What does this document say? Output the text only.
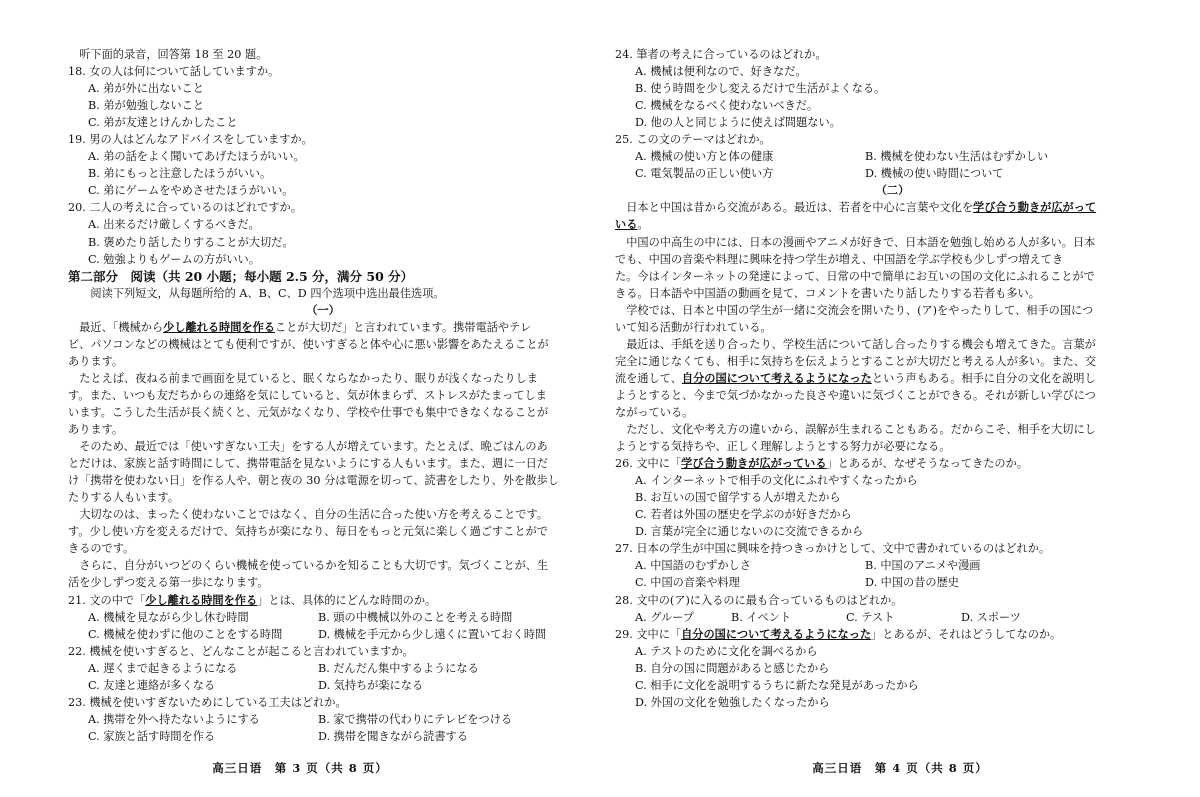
　听下面的录音，回答第 18 至 20 题。
18. 女の人は何について話していますか。
A. 弟が外に出ないこと
B. 弟が勉強しないこと
C. 弟が友達とけんかしたこと
19. 男の人はどんなアドバイスをしていますか。
A. 弟の話をよく聞いてあげたほうがいい。
B. 弟にもっと注意したほうがいい。
C. 弟にゲームをやめさせたほうがいい。
20. 二人の考えに合っているのはどれですか。
A. 出来るだけ厳しくするべきだ。
B. 褒めたり話したりすることが大切だ。
C. 勉強よりもゲームの方がいい。
第二部分　阅读（共 20 小题；每小题 2.5 分，满分 50 分）
　　阅读下列短文，从每题所给的 A、B、C、D 四个选项中选出最佳选项。
（一）
　最近、「機械から少し離れる時間を作ることが大切だ」と言われています。携帯電話やテレ
ビ、パソコンなどの機械はとても便利ですが、使いすぎると体や心に悪い影響をあたえることが
あります。
　たとえば、夜ねる前まで画面を見ていると、眠くならなかったり、眠りが浅くなったりしま
す。また、いつも友だちからの連絡を気にしていると、気が休まらず、ストレスがたまってしま
います。こうした生活が長く続くと、元気がなくなり、学校や仕事でも集中できなくなることが
あります。
　そのため、最近では「使いすぎない工夫」をする人が増えています。たとえば、晩ごはんのあ
とだけは、家族と話す時間にして、携帯電話を見ないようにする人もいます。また、週に一日だ
け「携帯を使わない日」を作る人や、朝と夜の 30 分は電源を切って、読書をしたり、外を散歩し
たりする人もいます。
　大切なのは、まったく使わないことではなく、自分の生活に合った使い方を考えることです。
す。少し使い方を変えるだけで、気持ちが楽になり、毎日をもっと元気に楽しく過ごすことがで
きるのです。
　さらに、自分がいつどのくらい機械を使っているかを知ることも大切です。気づくことが、生
活を少しずつ変える第一歩になります。
21. 文の中で「少し離れる時間を作る」とは、具体的にどんな時間のか。
A. 機械を見ながら少し休む時間	B. 頭の中機械以外のことを考える時間
C. 機械を使わずに他のことをする時間	D. 機械を手元から少し遠くに置いておく時間
22. 機械を使いすぎると、どんなことが起こると言われていますか。
A. 遅くまで起きるようになる	B. だんだん集中するようになる
C. 友達と連絡が多くなる	D. 気持ちが楽になる
23. 機械を使いすぎないためにしている工夫はどれか。
A. 携帯を外へ持たないようにする	B. 家で携帯の代わりにテレビをつける
C. 家族と話す時間を作る	D. 携帯を聞きながら読書する
高三日语　第 3 页（共 8 页）
24. 筆者の考えに合っているのはどれか。
A. 機械は便利なので、好きなだ。
B. 使う時間を少し変えるだけで生活がよくなる。
C. 機械をなるべく使わないべきだ。
D. 他の人と同じように使えば問題ない。
25. この文のテーマはどれか。
A. 機械の使い方と体の健康	B. 機械を使わない生活はむずかしい
C. 電気製品の正しい使い方	D. 機械の使い時間について
（二）
　日本と中国は昔から交流がある。最近は、若者を中心に言葉や文化を学び合う動きが広がって
いる。
　中国の中高生の中には、日本の漫画やアニメが好きで、日本語を勉強し始める人が多い。日本
でも、中国の音楽や料理に興味を持つ学生が増え、中国語を学ぶ学校も少しずつ増えてき
た。今はインターネットの発達によって、日常の中で簡単にお互いの国の文化にふれることがで
きる。日本語や中国語の動画を見て、コメントを書いたり話したりする若者も多い。
　学校では、日本と中国の学生が一緒に交流会を開いたり、(ア)をやったりして、相手の国につ
いて知る活動が行われている。
　最近は、手紙を送り合ったり、学校生活について話し合ったりする機会も増えてきた。言葉が
完全に通じなくても、相手に気持ちを伝えようとすることが大切だと考える人が多い。また、交
流を通して、自分の国について考えるようになったという声もある。相手に自分の文化を説明し
ようとすると、今まで気づかなかった良さや違いに気づくことができる。それが新しい学びにつ
ながっている。
　ただし、文化や考え方の違いから、誤解が生まれることもある。だからこそ、相手を大切にし
ようとする気持ちや、正しく理解しようとする努力が必要になる。
26. 文中に「学び合う動きが広がっている」とあるが、なぜそうなってきたのか。
A. インターネットで相手の文化にふれやすくなったから
B. お互いの国で留学する人が増えたから
C. 若者は外国の歴史を学ぶのが好きだから
D. 言葉が完全に通じないのに交流できるから
27. 日本の学生が中国に興味を持つきっかけとして、文中で書かれているのはどれか。
A. 中国語のむずかしさ	B. 中国のアニメや漫画
C. 中国の音楽や料理	D. 中国の昔の歴史
28. 文中の(ア)に入るのに最も合っているものはどれか。
A. グループ	B. イベント	C. テスト	D. スポーツ
29. 文中に「自分の国について考えるようになった」とあるが、それはどうしてなのか。
A. テストのために文化を調べるから
B. 自分の国に問題があると感じたから
C. 相手に文化を説明するうちに新たな発見があったから
D. 外国の文化を勉強したくなったから
高三日语　第 4 页（共 8 页）
